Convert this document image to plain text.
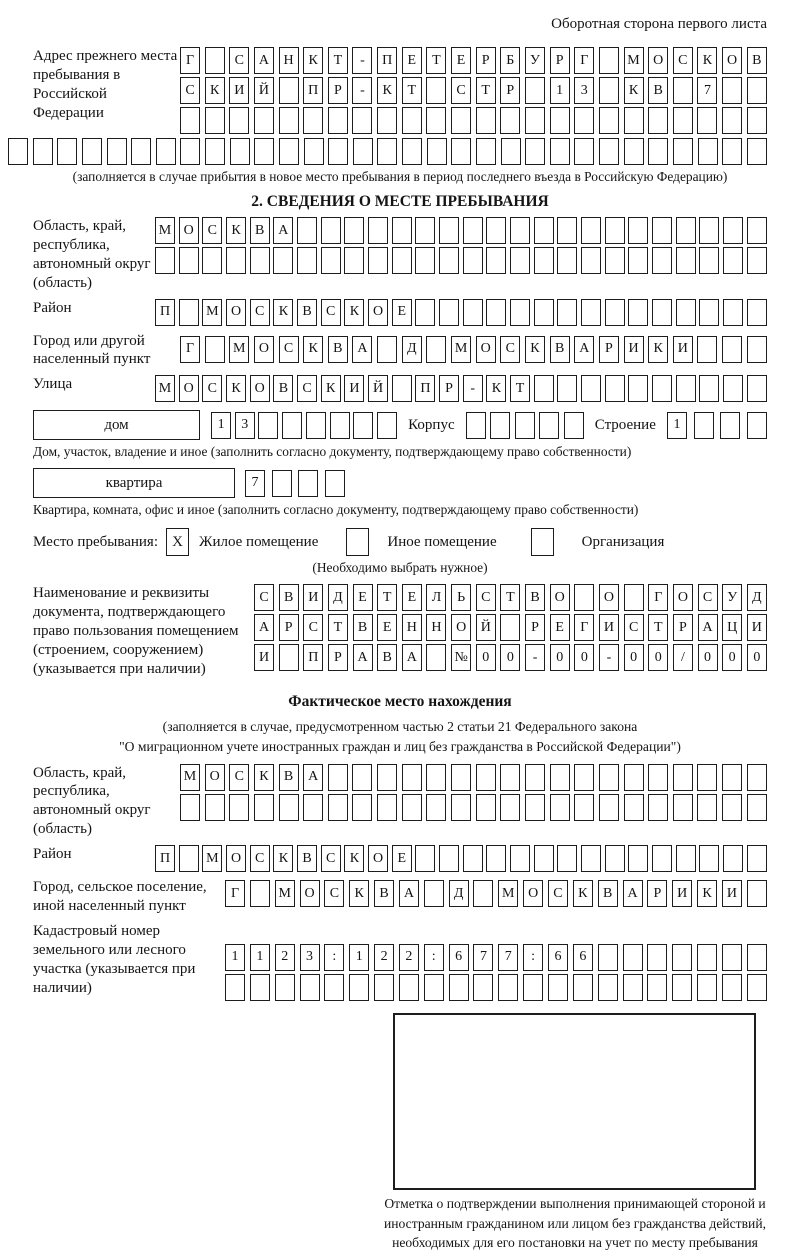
Оборотная сторона первого листа
Адрес прежнего места пребывания в Российской Федерации
Г	С	А	Н	К	Т	-	П	Е	Т	Е	Р	Б	У	Р	Г	М О	С	К	О	В
С	К	И	Й	П	Р	-	К	Т	С	Т	Р	1	3	К	В	7
(заполняется в случае прибытия в новое место пребывания в период последнего въезда в Российскую Федерацию)
2. СВЕДЕНИЯ О МЕСТЕ ПРЕБЫВАНИЯ
Область, край, республика, автономный округ (область)
М О С	К	В А
Район	П	М О С	К	В	С	К О	Е
Город или другой населенный пункт
Г	М О	С	К	В	А	Д	М О	С	К	В	А	Р	И	К	И
Улица	М О С	К О В	С	К И Й	П	Р	-	К	Т
дом	1	3	Корпус	Строение	1
Дом, участок, владение и иное (заполнить согласно документу, подтверждающему право собственности)
квартира	7
Квартира, комната, офис и иное (заполнить согласно документу, подтверждающему право собственности)
Место пребывания: X	Жилое помещение	Иное помещение	Организация
(Необходимо выбрать нужное)
Наименование и реквизиты документа, подтверждающего право пользования помещением (строением, сооружением) (указывается при наличии)
С	В	И	Д	Е	Т	Е	Л	Ь	С	Т	В	О	О	Г	О	С	У	Д
А	Р	С	Т	В	Е	Н	Н	О	Й	Р	Е	Г	И	С	Т	Р	А	Ц	И
И	П	Р	А	В	А	№	0	0	-	0	0	-	0	0	/	0	0	0
Фактическое место нахождения
(заполняется в случае, предусмотренном частью 2 статьи 21 Федерального закона
"О миграционном учете иностранных граждан и лиц без гражданства в Российской Федерации")
Область, край, республика, автономный округ (область)
М О	С	К	В	А
Район	П	М О С	К	В	С	К О	Е
Город, сельское поселение, иной населенный пункт
Г	М О	С	К	В	А	Д	М О	С	К	В	А	Р	И	К	И
Кадастровый номер земельного или лесного участка (указывается при наличии)
1	1	2	3	:	1	2	2	:	6	7	7	:	6	6
Отметка о подтверждении выполнения принимающей стороной и иностранным гражданином или лицом без гражданства действий, необходимых для его постановки на учет по месту пребывания
